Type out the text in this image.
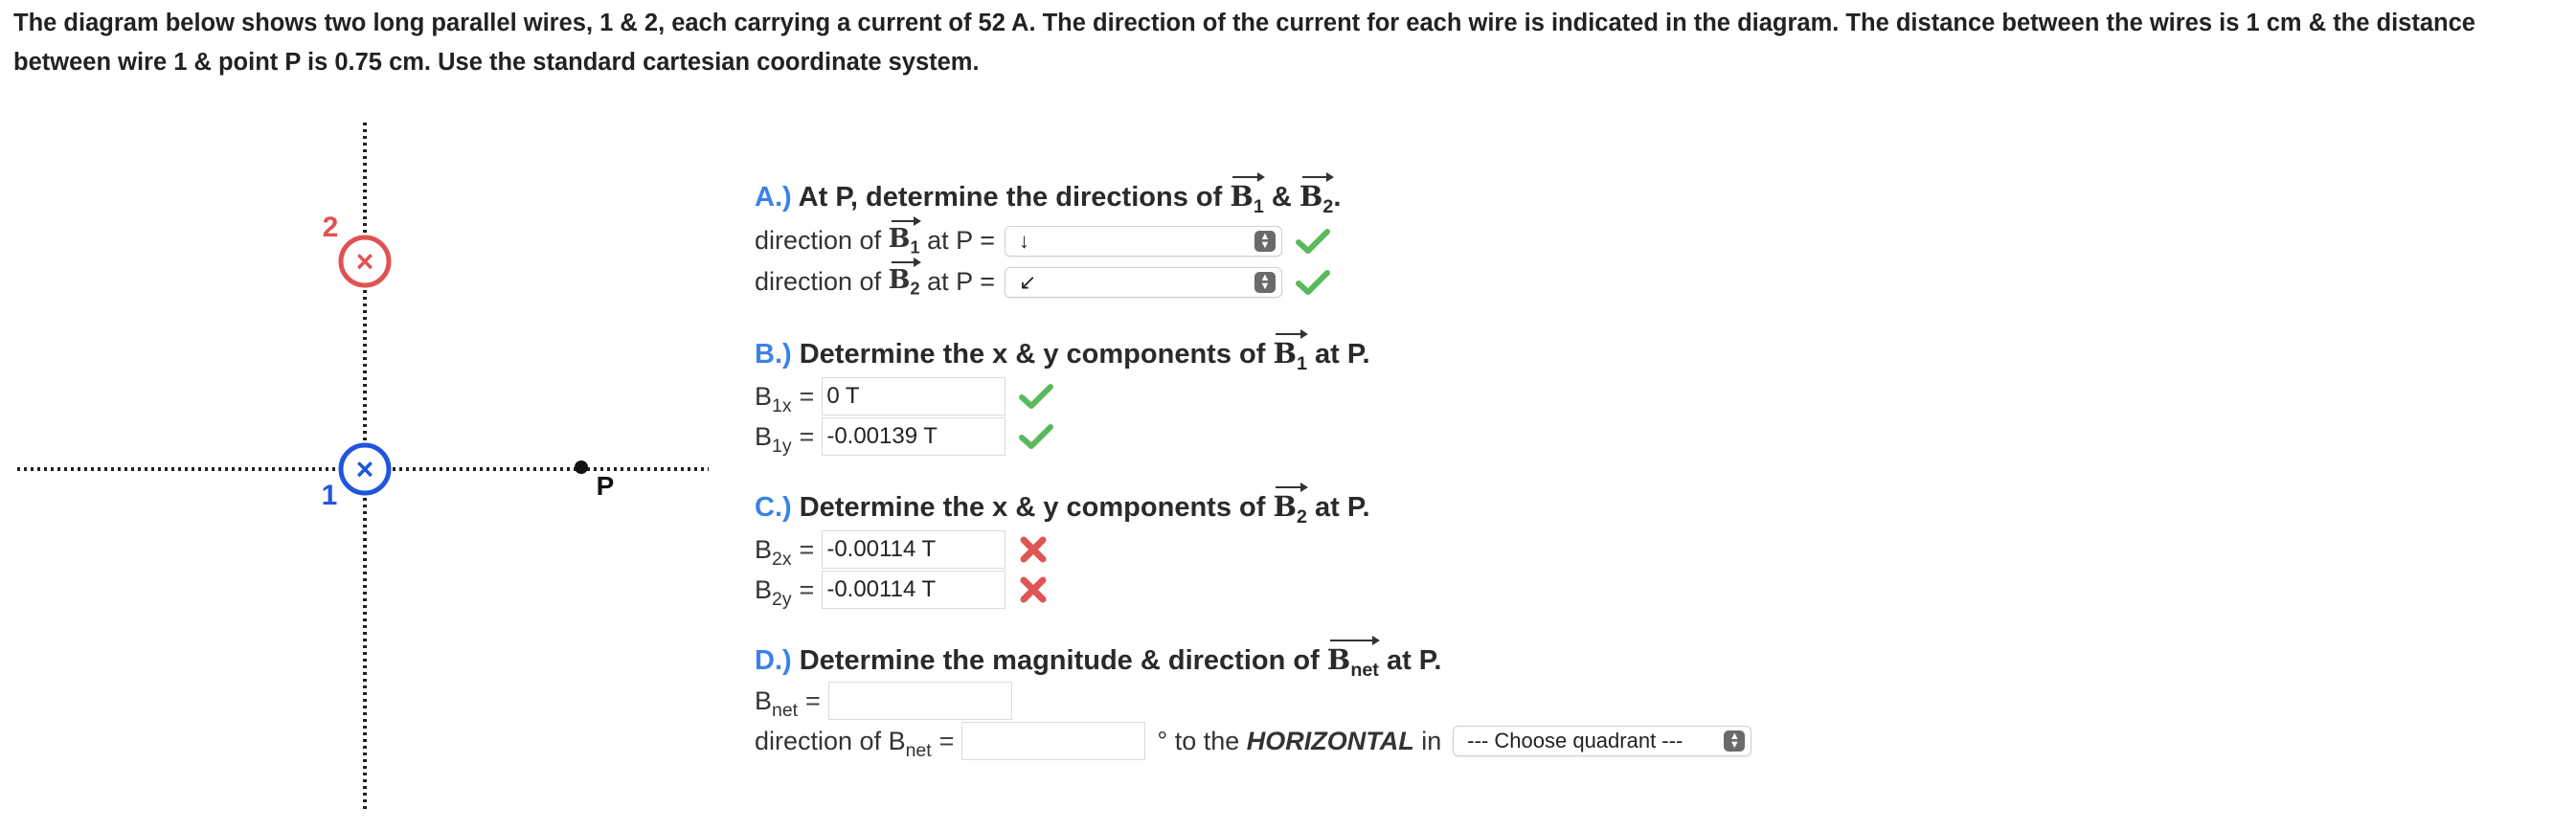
The diagram below shows two long parallel wires, 1 & 2, each carrying a current of 52 A. The direction of the current for each wire is indicated in the diagram. The distance between the wires is 1 cm & the distance
between wire 1 & point P is 0.75 cm. Use the standard cartesian coordinate system.
×
2
×
1	P
A.) At P, determine the directions of $B_1$ & $B_2$.
direction of
$B_1$
at P = ↓	▲
▼
direction of
$B_2$
at P = ↙	▲
▼
B.) Determine the x & y components of $B_1$ at P.
$B_{1x} = 0$ T
$B_{1y} = -0.00139$ T
C.) Determine the x & y components of $B_2$ at P.
$B_{2x} = -0.00114$ T
$B_{2y} = -0.00114$ T
D.) Determine the magnitude & direction of $B_{net}$ at P.
$B_{net}$ =
direction of $B_{net}$ =	° to the
HORIZONTAL
in --- Choose quadrant ---	▲
▼
